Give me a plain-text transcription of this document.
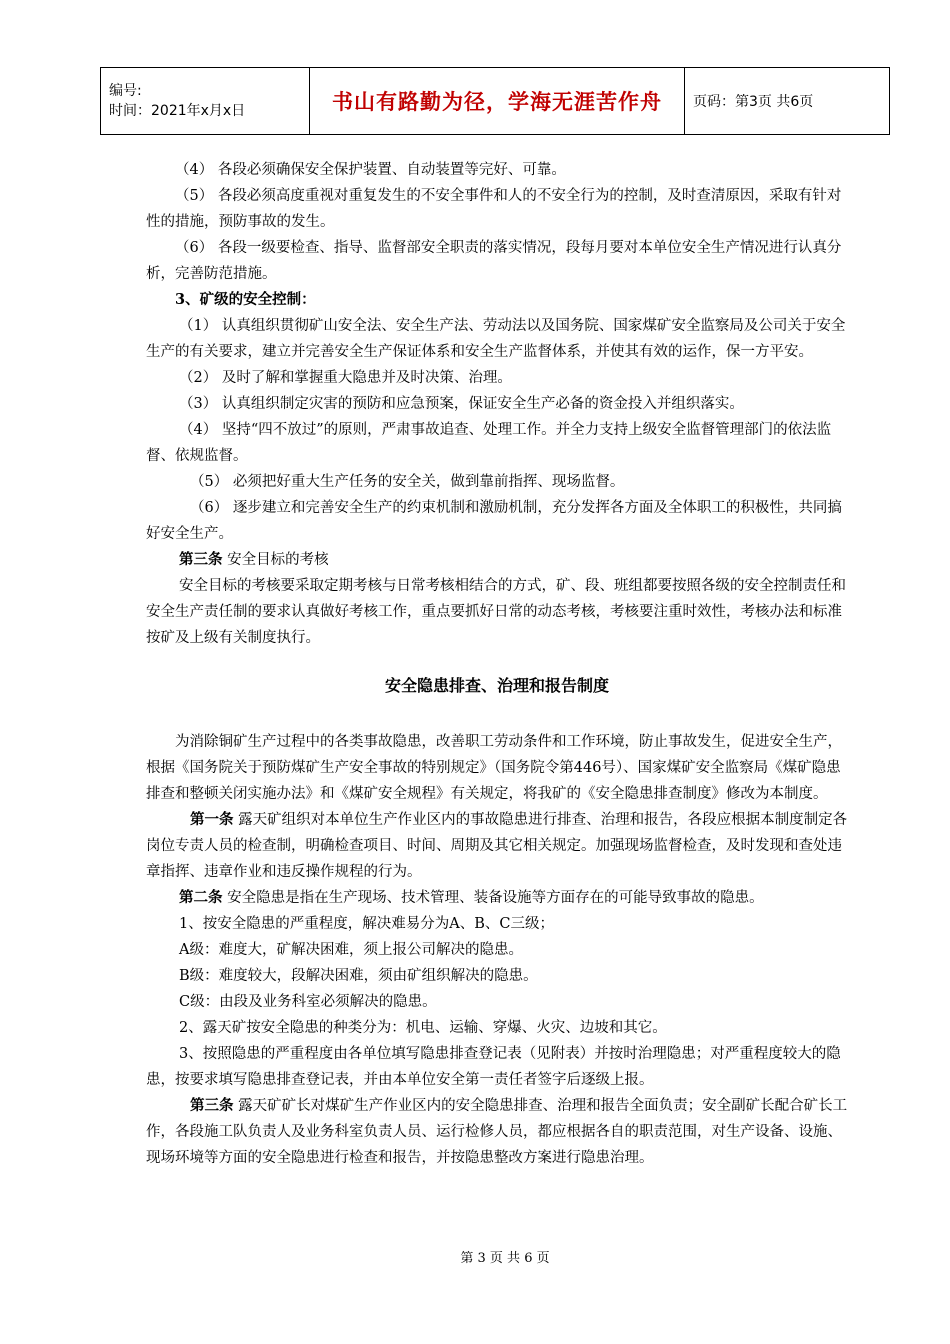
编号:
时间：2021年x月x日	书山有路勤为径，学海无涯苦作舟	页码：第3页 共6页

（4） 各段必须确保安全保护装置、自动装置等完好、可靠。

（5） 各段必须高度重视对重复发生的不安全事件和人的不安全行为的控制，及时查清原因，采取有针对性的措施，预防事故的发生。

（6） 各段一级要检查、指导、监督部安全职责的落实情况，段每月要对本单位安全生产情况进行认真分析，完善防范措施。

3、矿级的安全控制：

（1） 认真组织贯彻矿山安全法、安全生产法、劳动法以及国务院、国家煤矿安全监察局及公司关于安全生产的有关要求，建立并完善安全生产保证体系和安全生产监督体系，并使其有效的运作，保一方平安。

（2） 及时了解和掌握重大隐患并及时决策、治理。

（3） 认真组织制定灾害的预防和应急预案，保证安全生产必备的资金投入并组织落实。

（4） 坚持“四不放过”的原则，严肃事故追查、处理工作。并全力支持上级安全监督管理部门的依法监督、依规监督。

（5） 必须把好重大生产任务的安全关，做到靠前指挥、现场监督。

（6） 逐步建立和完善安全生产的约束机制和激励机制，充分发挥各方面及全体职工的积极性，共同搞好安全生产。

第三条 安全目标的考核

安全目标的考核要采取定期考核与日常考核相结合的方式，矿、段、班组都要按照各级的安全控制责任和安全生产责任制的要求认真做好考核工作，重点要抓好日常的动态考核，考核要注重时效性，考核办法和标准按矿及上级有关制度执行。

安全隐患排查、治理和报告制度

为消除铜矿生产过程中的各类事故隐患，改善职工劳动条件和工作环境，防止事故发生，促进安全生产，根据《国务院关于预防煤矿生产安全事故的特别规定》（国务院令第446号）、国家煤矿安全监察局《煤矿隐患排查和整顿关闭实施办法》和《煤矿安全规程》有关规定，将我矿的《安全隐患排查制度》修改为本制度。

第一条 露天矿组织对本单位生产作业区内的事故隐患进行排查、治理和报告，各段应根据本制度制定各岗位专责人员的检查制，明确检查项目、时间、周期及其它相关规定。加强现场监督检查，及时发现和查处违章指挥、违章作业和违反操作规程的行为。

第二条 安全隐患是指在生产现场、技术管理、装备设施等方面存在的可能导致事故的隐患。

1、按安全隐患的严重程度，解决难易分为A、B、C三级；

A级：难度大，矿解决困难，须上报公司解决的隐患。

B级：难度较大，段解决困难，须由矿组织解决的隐患。

C级：由段及业务科室必须解决的隐患。

2、露天矿按安全隐患的种类分为：机电、运输、穿爆、火灾、边坡和其它。

3、按照隐患的严重程度由各单位填写隐患排查登记表（见附表）并按时治理隐患；对严重程度较大的隐患，按要求填写隐患排查登记表，并由本单位安全第一责任者签字后逐级上报。

第三条 露天矿矿长对煤矿生产作业区内的安全隐患排查、治理和报告全面负责；安全副矿长配合矿长工作，各段施工队负责人及业务科室负责人员、运行检修人员，都应根据各自的职责范围，对生产设备、设施、现场环境等方面的安全隐患进行检查和报告，并按隐患整改方案进行隐患治理。

第 3 页 共 6 页
